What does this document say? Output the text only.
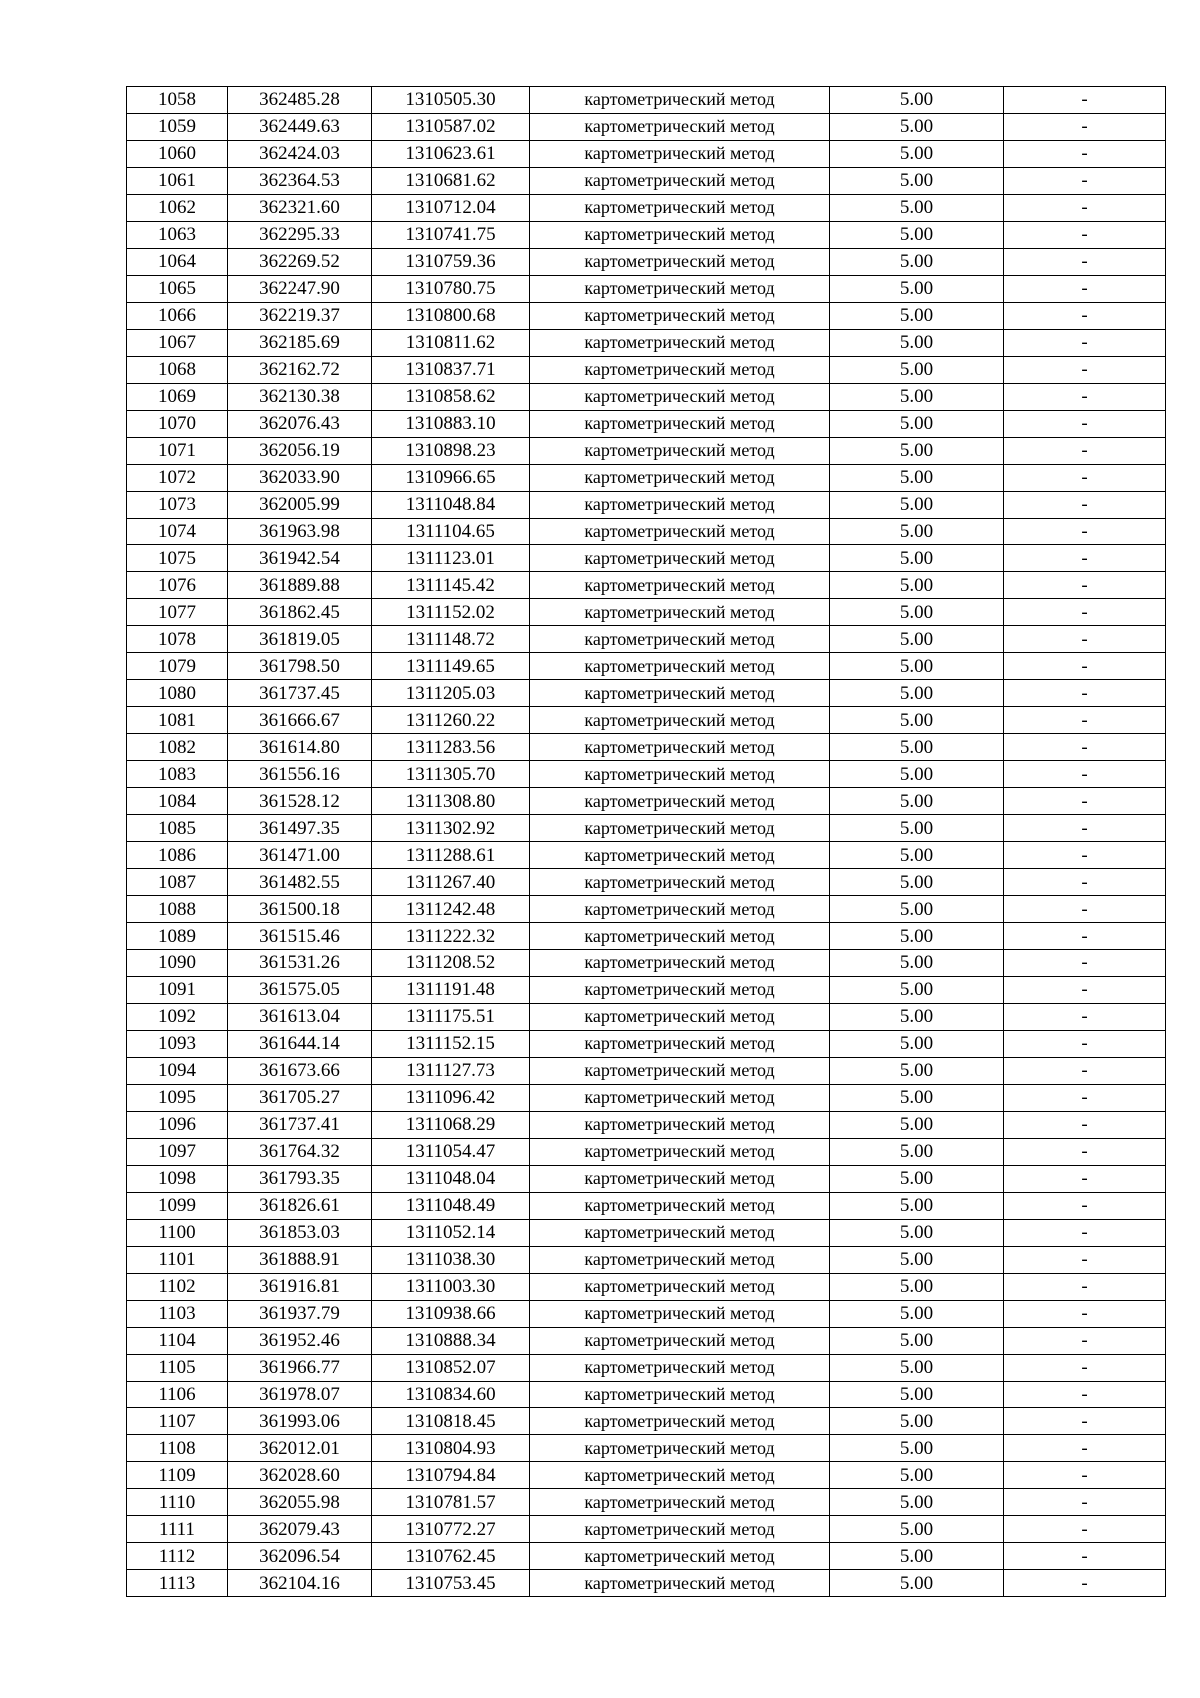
1058	362485.28	1310505.30	картометрический метод	5.00	-
1059	362449.63	1310587.02	картометрический метод	5.00	-
1060	362424.03	1310623.61	картометрический метод	5.00	-
1061	362364.53	1310681.62	картометрический метод	5.00	-
1062	362321.60	1310712.04	картометрический метод	5.00	-
1063	362295.33	1310741.75	картометрический метод	5.00	-
1064	362269.52	1310759.36	картометрический метод	5.00	-
1065	362247.90	1310780.75	картометрический метод	5.00	-
1066	362219.37	1310800.68	картометрический метод	5.00	-
1067	362185.69	1310811.62	картометрический метод	5.00	-
1068	362162.72	1310837.71	картометрический метод	5.00	-
1069	362130.38	1310858.62	картометрический метод	5.00	-
1070	362076.43	1310883.10	картометрический метод	5.00	-
1071	362056.19	1310898.23	картометрический метод	5.00	-
1072	362033.90	1310966.65	картометрический метод	5.00	-
1073	362005.99	1311048.84	картометрический метод	5.00	-
1074	361963.98	1311104.65	картометрический метод	5.00	-
1075	361942.54	1311123.01	картометрический метод	5.00	-
1076	361889.88	1311145.42	картометрический метод	5.00	-
1077	361862.45	1311152.02	картометрический метод	5.00	-
1078	361819.05	1311148.72	картометрический метод	5.00	-
1079	361798.50	1311149.65	картометрический метод	5.00	-
1080	361737.45	1311205.03	картометрический метод	5.00	-
1081	361666.67	1311260.22	картометрический метод	5.00	-
1082	361614.80	1311283.56	картометрический метод	5.00	-
1083	361556.16	1311305.70	картометрический метод	5.00	-
1084	361528.12	1311308.80	картометрический метод	5.00	-
1085	361497.35	1311302.92	картометрический метод	5.00	-
1086	361471.00	1311288.61	картометрический метод	5.00	-
1087	361482.55	1311267.40	картометрический метод	5.00	-
1088	361500.18	1311242.48	картометрический метод	5.00	-
1089	361515.46	1311222.32	картометрический метод	5.00	-
1090	361531.26	1311208.52	картометрический метод	5.00	-
1091	361575.05	1311191.48	картометрический метод	5.00	-
1092	361613.04	1311175.51	картометрический метод	5.00	-
1093	361644.14	1311152.15	картометрический метод	5.00	-
1094	361673.66	1311127.73	картометрический метод	5.00	-
1095	361705.27	1311096.42	картометрический метод	5.00	-
1096	361737.41	1311068.29	картометрический метод	5.00	-
1097	361764.32	1311054.47	картометрический метод	5.00	-
1098	361793.35	1311048.04	картометрический метод	5.00	-
1099	361826.61	1311048.49	картометрический метод	5.00	-
1100	361853.03	1311052.14	картометрический метод	5.00	-
1101	361888.91	1311038.30	картометрический метод	5.00	-
1102	361916.81	1311003.30	картометрический метод	5.00	-
1103	361937.79	1310938.66	картометрический метод	5.00	-
1104	361952.46	1310888.34	картометрический метод	5.00	-
1105	361966.77	1310852.07	картометрический метод	5.00	-
1106	361978.07	1310834.60	картометрический метод	5.00	-
1107	361993.06	1310818.45	картометрический метод	5.00	-
1108	362012.01	1310804.93	картометрический метод	5.00	-
1109	362028.60	1310794.84	картометрический метод	5.00	-
1110	362055.98	1310781.57	картометрический метод	5.00	-
1111	362079.43	1310772.27	картометрический метод	5.00	-
1112	362096.54	1310762.45	картометрический метод	5.00	-
1113	362104.16	1310753.45	картометрический метод	5.00	-
